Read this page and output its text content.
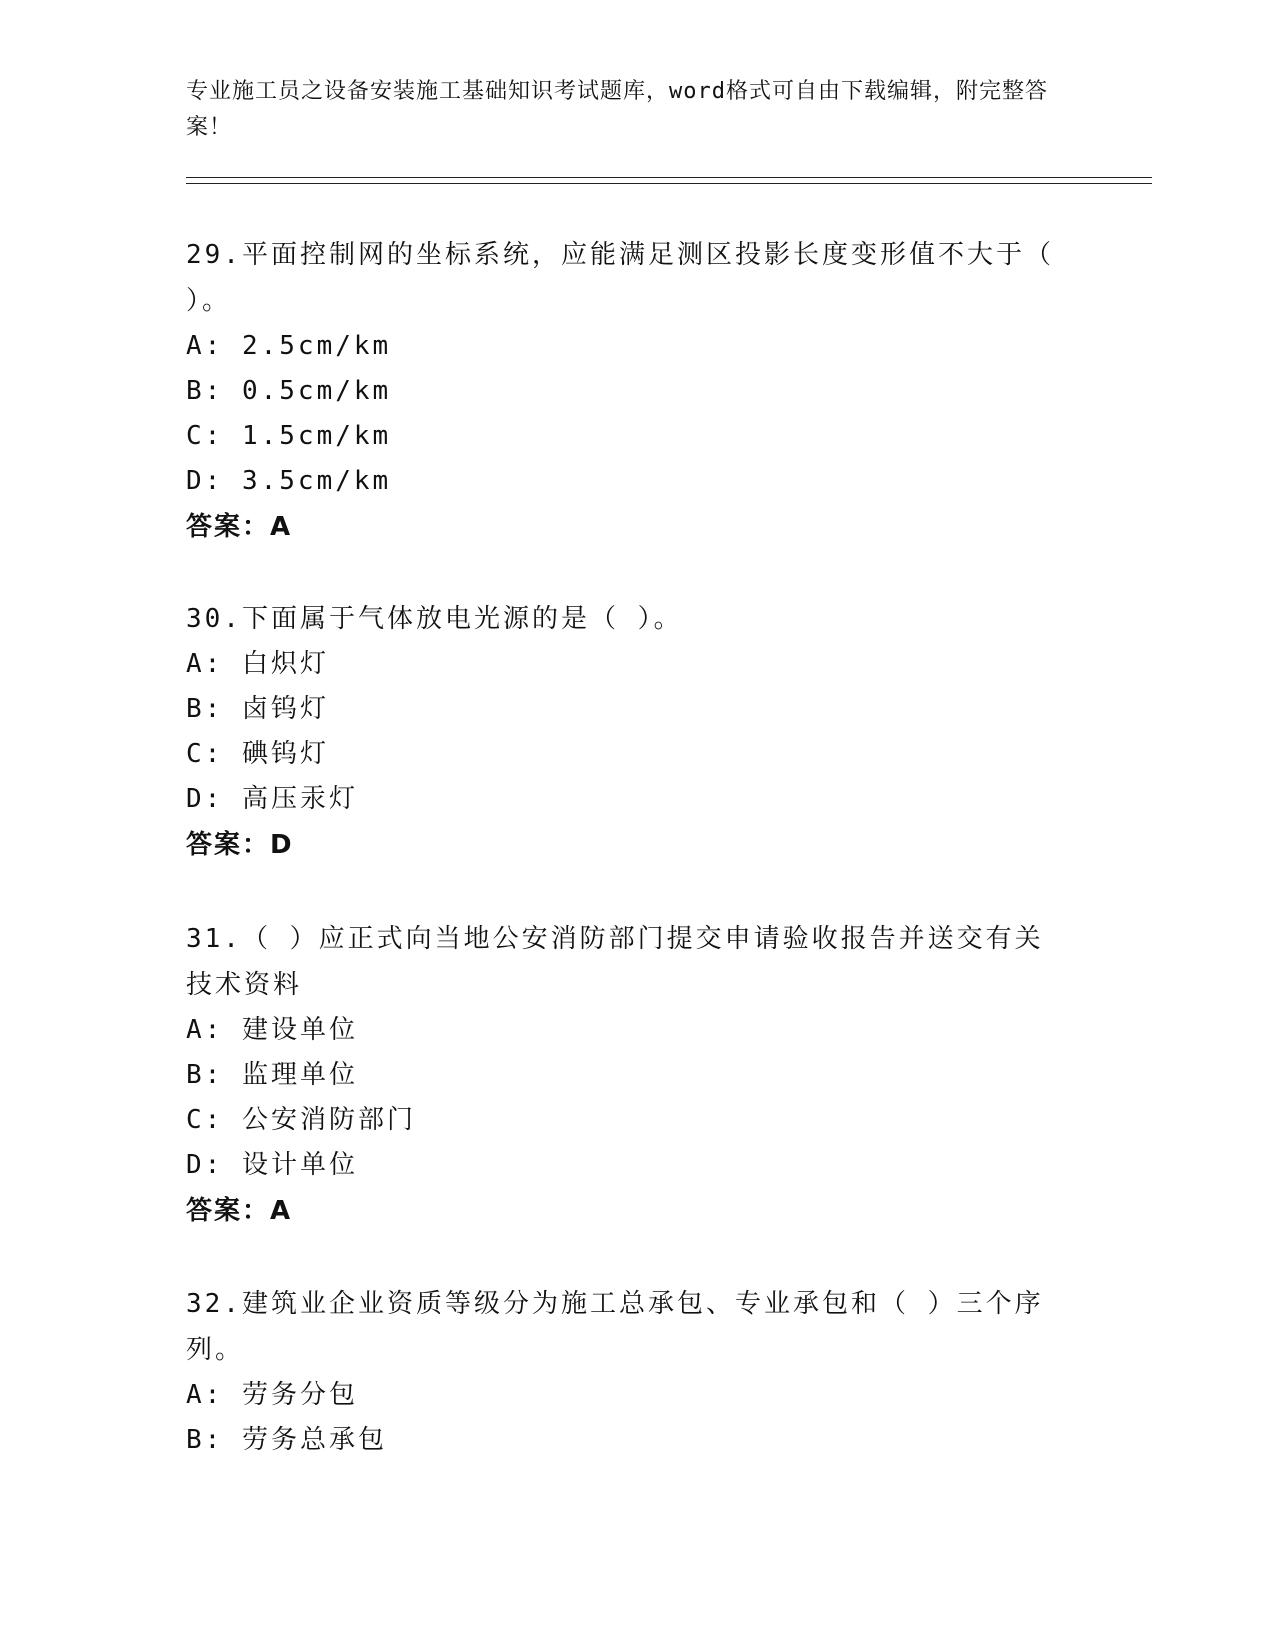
专业施工员之设备安装施工基础知识考试题库，word格式可自由下载编辑，附完整答案！

29.平面控制网的坐标系统，应能满足测区投影长度变形值不大于（ ）。

A: 2.5cm/km

B: 0.5cm/km

C: 1.5cm/km

D: 3.5cm/km

答案：A

30.下面属于气体放电光源的是（ ）。

A: 白炽灯

B: 卤钨灯

C: 碘钨灯

D: 高压汞灯

答案：D

31.（ ）应正式向当地公安消防部门提交申请验收报告并送交有关技术资料

A: 建设单位

B: 监理单位

C: 公安消防部门

D: 设计单位

答案：A

32.建筑业企业资质等级分为施工总承包、专业承包和（ ）三个序列。

A: 劳务分包

B: 劳务总承包
